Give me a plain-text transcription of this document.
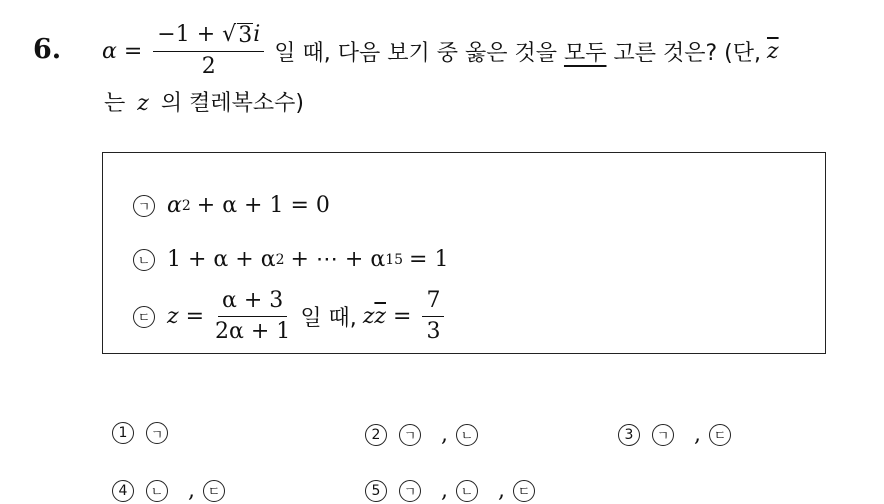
6. $\alpha = \frac{-1 + √ 3 i}{2}$ 일 때, 다음 보기 중 옳은 것을 모두 고른 것은? (단, $\overline{z}$
는 z 의 켤레복소수)
ㄱ α 2 + α + 1 = 0
ㄴ 1 + α + α 2 + ⋯ + α 15 = 1
ㄷ $z = \frac{\alpha + 3}{2\alpha + 1}$ 일 때, z $\overline{z} = \frac{7}{3}$
1	ㄱ	2	ㄱ , ㄴ	3	ㄱ , ㄷ
4	ㄴ , ㄷ	5	ㄱ , ㄴ , ㄷ
